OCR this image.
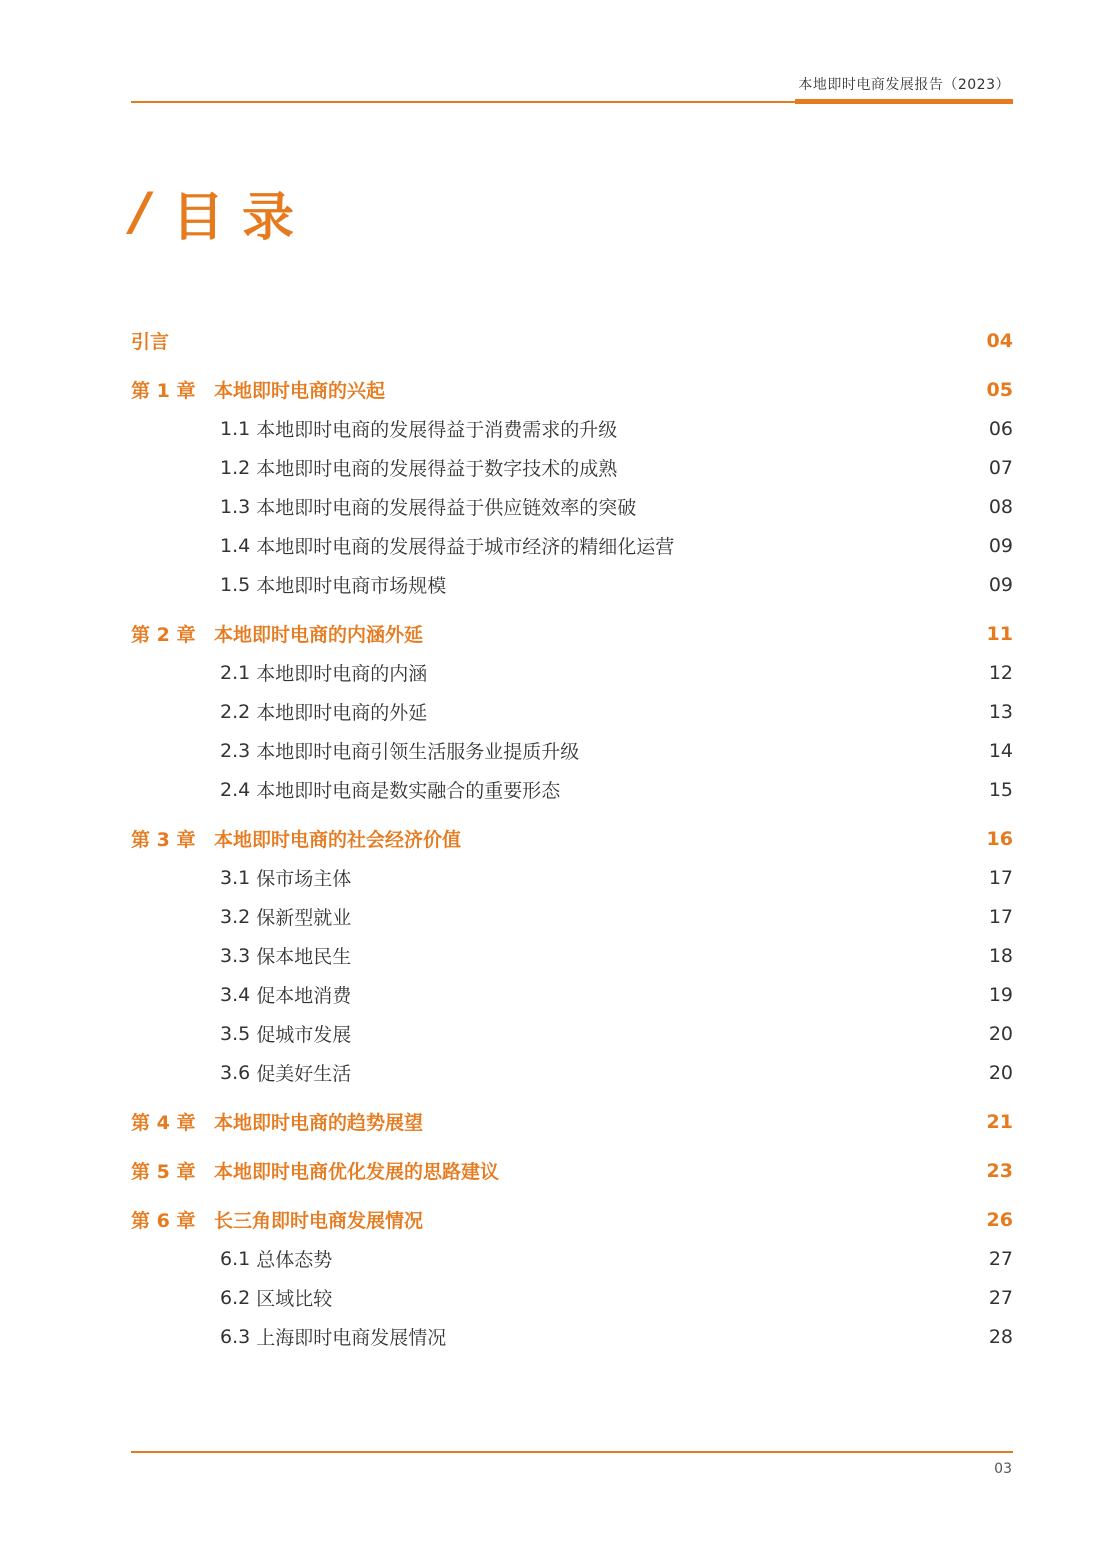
本地即时电商发展报告（2023）
/ 目录
引言	04
第 1 章 本地即时电商的兴起	05
1.1 本地即时电商的发展得益于消费需求的升级	06
1.2 本地即时电商的发展得益于数字技术的成熟	07
1.3 本地即时电商的发展得益于供应链效率的突破	08
1.4 本地即时电商的发展得益于城市经济的精细化运营	09
1.5 本地即时电商市场规模	09
第 2 章 本地即时电商的内涵外延	11
2.1 本地即时电商的内涵	12
2.2 本地即时电商的外延	13
2.3 本地即时电商引领生活服务业提质升级	14
2.4 本地即时电商是数实融合的重要形态	15
第 3 章 本地即时电商的社会经济价值	16
3.1 保市场主体	17
3.2 保新型就业	17
3.3 保本地民生	18
3.4 促本地消费	19
3.5 促城市发展	20
3.6 促美好生活	20
第 4 章 本地即时电商的趋势展望	21
第 5 章 本地即时电商优化发展的思路建议	23
第 6 章 长三角即时电商发展情况	26
6.1 总体态势	27
6.2 区域比较	27
6.3 上海即时电商发展情况	28
03
